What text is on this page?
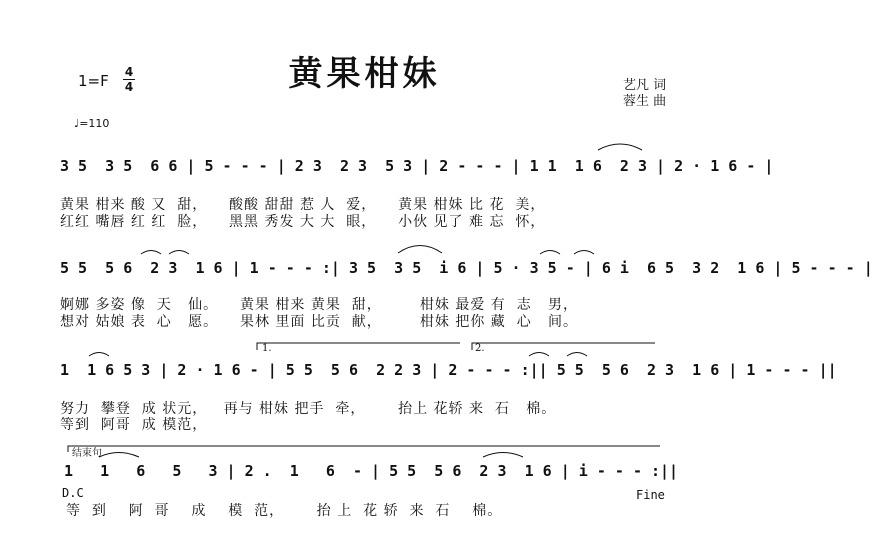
黄果柑妹
1=F 4
4
♩=110
艺凡 词
蓉生 曲
3 5  3 5  6 6 | 5 - - - | 2 3  2 3  5 3 | 2 - - - | 1 1  1 6  2 3 | 2 · 1 6 - |
黄果 柑来 酸 又  甜，    酸酸 甜甜 惹 人  爱，    黄果 柑妹 比 花  美，
红红 嘴唇 红 红  脸，    黑黑 秀发 大 大  眼，    小伙 见了 难 忘  怀，
5 5  5 6  2 3  1 6 | 1 - - - :| 3 5  3 5  i 6 | 5 · 3 5 - | 6 i  6 5  3 2  1 6 | 5 - - - |
婀娜 多姿 像  天   仙。    黄果 柑来 黄果  甜，       柑妹 最爱 有  志   男，
想对 姑娘 表  心   愿。    果林 里面 比贡  献，       柑妹 把你 藏  心   间。
1.	2.
1  1 6 5 3 | 2 · 1 6 - | 5 5  5 6  2 2 3 | 2 - - - :|| 5 5  5 6  2 3  1 6 | 1 - - - ||
努力  攀登  成 状元，   再与 柑妹 把手  牵，      抬上 花轿 来  石   棉。
等到  阿哥  成 模范，
结束句
1   1   6   5   3 | 2 .  1   6  - | 5 5  5 6  2 3  1 6 | i - - - :||
D.C	Fine
等  到    阿  哥    成    模  范，      抬 上  花 轿  来  石    棉。
